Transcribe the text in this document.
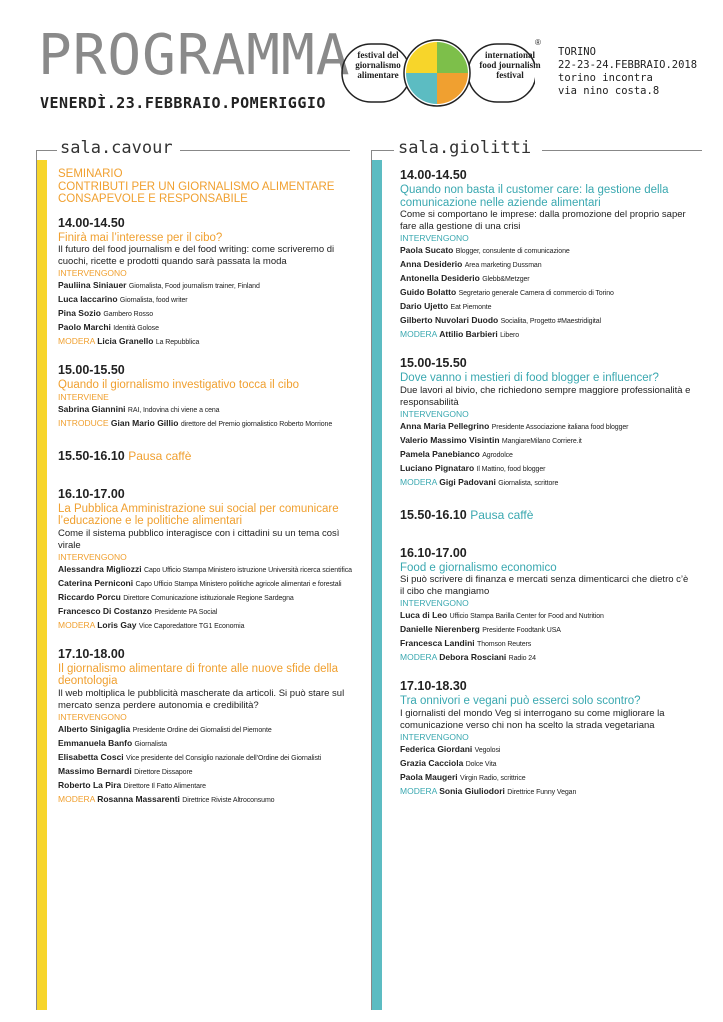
PROGRAMMA
VENERDÌ.23.FEBBRAIO.POMERIGGIO
festival del giornalismo alimentare
international food journalism festival
®
TORINO
22-23-24.FEBBRAIO.2018
torino incontra
via nino costa.8
sala.cavour	sala.giolitti
SEMINARIO
CONTRIBUTI PER UN GIORNALISMO ALIMENTARE CONSAPEVOLE E RESPONSABILE
14.00-14.50
Finirà mai l’interesse per il cibo?
Il futuro del food journalism e del food writing: come scriveremo di cuochi, ricette e prodotti quando sarà passata la moda
INTERVENGONO
Pauliina Siniauer Giornalista, Food journalism trainer, Finland
Luca Iaccarino Giornalista, food writer
Pina Sozio Gambero Rosso
Paolo Marchi Identità Golose
MODERA Licia Granello La Repubblica
15.00-15.50
Quando il giornalismo investigativo tocca il cibo
INTERVIENE
Sabrina Giannini RAI, Indovina chi viene a cena
INTRODUCE Gian Mario Gillio direttore del Premio giornalistico Roberto Morrione
15.50-16.10 Pausa caffè
16.10-17.00
La Pubblica Amministrazione sui social per comunicare l’educazione e le politiche alimentari
Come il sistema pubblico interagisce con i cittadini su un tema così virale
INTERVENGONO
Alessandra Migliozzi Capo Ufficio Stampa Ministero istruzione Università ricerca scientifica
Caterina Perniconi Capo Ufficio Stampa Ministero politiche agricole alimentari e forestali
Riccardo Porcu Direttore Comunicazione istituzionale Regione Sardegna
Francesco Di Costanzo Presidente PA Social
MODERA Loris Gay Vice Caporedattore TG1 Economia
17.10-18.00
Il giornalismo alimentare di fronte alle nuove sfide della deontologia
Il web moltiplica le pubblicità mascherate da articoli. Si può stare sul mercato senza perdere autonomia e credibilità?
INTERVENGONO
Alberto Sinigaglia Presidente Ordine dei Giornalisti del Piemonte
Emmanuela Banfo Giornalista
Elisabetta Cosci Vice presidente del Consiglio nazionale dell’Ordine dei Giornalisti
Massimo Bernardi Direttore Dissapore
Roberto La Pira Direttore Il Fatto Alimentare
MODERA Rosanna Massarenti Direttrice Riviste Altroconsumo
14.00-14.50
Quando non basta il customer care: la gestione della comunicazione nelle aziende alimentari
Come si comportano le imprese: dalla promozione del proprio saper fare alla gestione di una crisi
INTERVENGONO
Paola Sucato Blogger, consulente di comunicazione
Anna Desiderio Area marketing Dussman
Antonella Desiderio Glebb&Metzger
Guido Bolatto Segretario generale Camera di commercio di Torino
Dario Ujetto Eat Piemonte
Gilberto Nuvolari Duodo Socialita, Progetto #Maestridigital
MODERA Attilio Barbieri Libero
15.00-15.50
Dove vanno i mestieri di food blogger e influencer?
Due lavori al bivio, che richiedono sempre maggiore professionalità e responsabilità
INTERVENGONO
Anna Maria Pellegrino Presidente Associazione italiana food blogger
Valerio Massimo Visintin MangiareMilano Corriere.it
Pamela Panebianco Agrodolce
Luciano Pignataro Il Mattino, food blogger
MODERA Gigi Padovani Giornalista, scrittore
15.50-16.10 Pausa caffè
16.10-17.00
Food e giornalismo economico
Si può scrivere di finanza e mercati senza dimenticarci che dietro c’è il cibo che mangiamo
INTERVENGONO
Luca di Leo Ufficio Stampa Barilla Center for Food and Nutrition
Danielle Nierenberg Presidente Foodtank USA
Francesca Landini Thomson Reuters
MODERA Debora Rosciani Radio 24
17.10-18.30
Tra onnivori e vegani può esserci solo scontro?
I giornalisti del mondo Veg si interrogano su come migliorare la comunicazione verso chi non ha scelto la strada vegetariana
INTERVENGONO
Federica Giordani Vegolosi
Grazia Cacciola Dolce Vita
Paola Maugeri Virgin Radio, scrittrice
MODERA Sonia Giuliodori Direttrice Funny Vegan
